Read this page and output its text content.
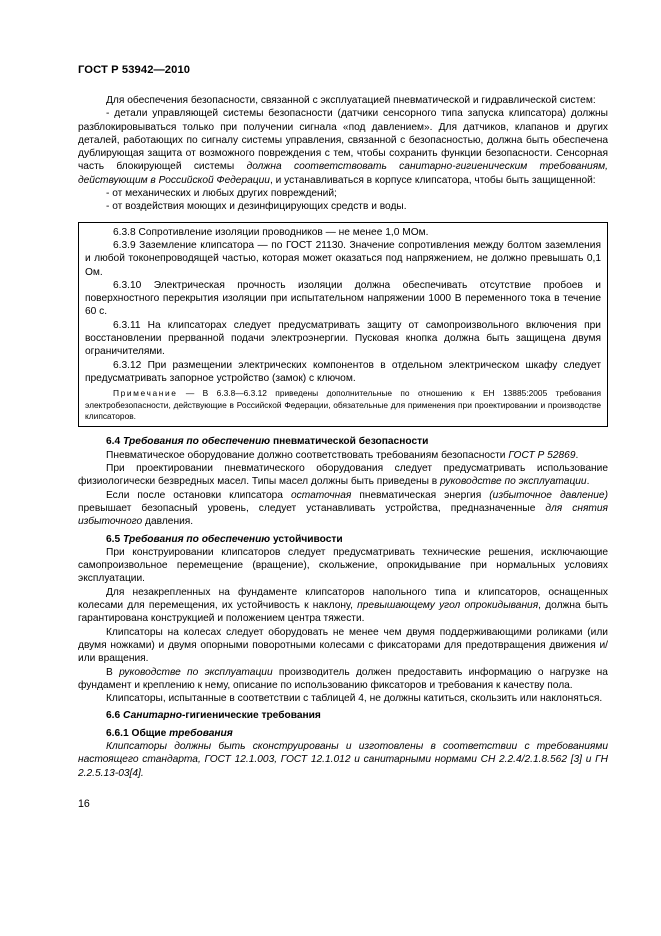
ГОСТ Р 53942—2010

Для обеспечения безопасности, связанной с эксплуатацией пневматической и гидравлической систем:

- детали управляющей системы безопасности (датчики сенсорного типа запуска клипсатора) должны разблокировываться только при получении сигнала «под давлением». Для датчиков, клапанов и других деталей, работающих по сигналу системы управления, связанной с безопасностью, должна быть обеспечена дублирующая защита от возможного повреждения с тем, чтобы сохранить функции безопасности. Сенсорная часть блокирующей системы должна соответствовать санитарно-гигиеническим требованиям, действующим в Российской Федерации, и устанавливаться в корпусе клипсатора, чтобы быть защищенной:

- от механических и любых других повреждений;

- от воздействия моющих и дезинфицирующих средств и воды.

6.3.8 Сопротивление изоляции проводников — не менее 1,0 МОм.

6.3.9 Заземление клипсатора — по ГОСТ 21130. Значение сопротивления между болтом заземления и любой токонепроводящей частью, которая может оказаться под напряжением, не должно превышать 0,1 Ом.

6.3.10 Электрическая прочность изоляции должна обеспечивать отсутствие пробоев и поверхностного перекрытия изоляции при испытательном напряжении 1000 В переменного тока в течение 60 с.

6.3.11 На клипсаторах следует предусматривать защиту от самопроизвольного включения при восстановлении прерванной подачи электроэнергии. Пусковая кнопка должна быть защищена двумя ограничителями.

6.3.12 При размещении электрических компонентов в отдельном электрическом шкафу следует предусматривать запорное устройство (замок) с ключом.

Примечание — В 6.3.8—6.3.12 приведены дополнительные по отношению к ЕН 13885:2005 требования электробезопасности, действующие в Российской Федерации, обязательные для применения при проектировании и производстве клипсаторов.

6.4 Требования по обеспечению пневматической безопасности

Пневматическое оборудование должно соответствовать требованиям безопасности ГОСТ Р 52869.

При проектировании пневматического оборудования следует предусматривать использование физиологически безвредных масел. Типы масел должны быть приведены в руководстве по эксплуатации.

Если после остановки клипсатора остаточная пневматическая энергия (избыточное давление) превышает безопасный уровень, следует устанавливать устройства, предназначенные для снятия избыточного давления.

6.5 Требования по обеспечению устойчивости

При конструировании клипсаторов следует предусматривать технические решения, исключающие самопроизвольное перемещение (вращение), скольжение, опрокидывание при нормальных условиях эксплуатации.

Для незакрепленных на фундаменте клипсаторов напольного типа и клипсаторов, оснащенных колесами для перемещения, их устойчивость к наклону, превышающему угол опрокидывания, должна быть гарантирована конструкцией и положением центра тяжести.

Клипсаторы на колесах следует оборудовать не менее чем двумя поддерживающими роликами (или двумя ножками) и двумя опорными поворотными колесами с фиксаторами для предотвращения движения и/или вращения.

В руководстве по эксплуатации производитель должен предоставить информацию о нагрузке на фундамент и креплению к нему, описание по использованию фиксаторов и требования к качеству пола.

Клипсаторы, испытанные в соответствии с таблицей 4, не должны катиться, скользить или наклоняться.

6.6 Санитарно-гигиенические требования

6.6.1 Общие требования

Клипсаторы должны быть сконструированы и изготовлены в соответствии с требованиями настоящего стандарта, ГОСТ 12.1.003, ГОСТ 12.1.012 и санитарными нормами СН 2.2.4/2.1.8.562 [3] и ГН 2.2.5.13-03[4].

16
